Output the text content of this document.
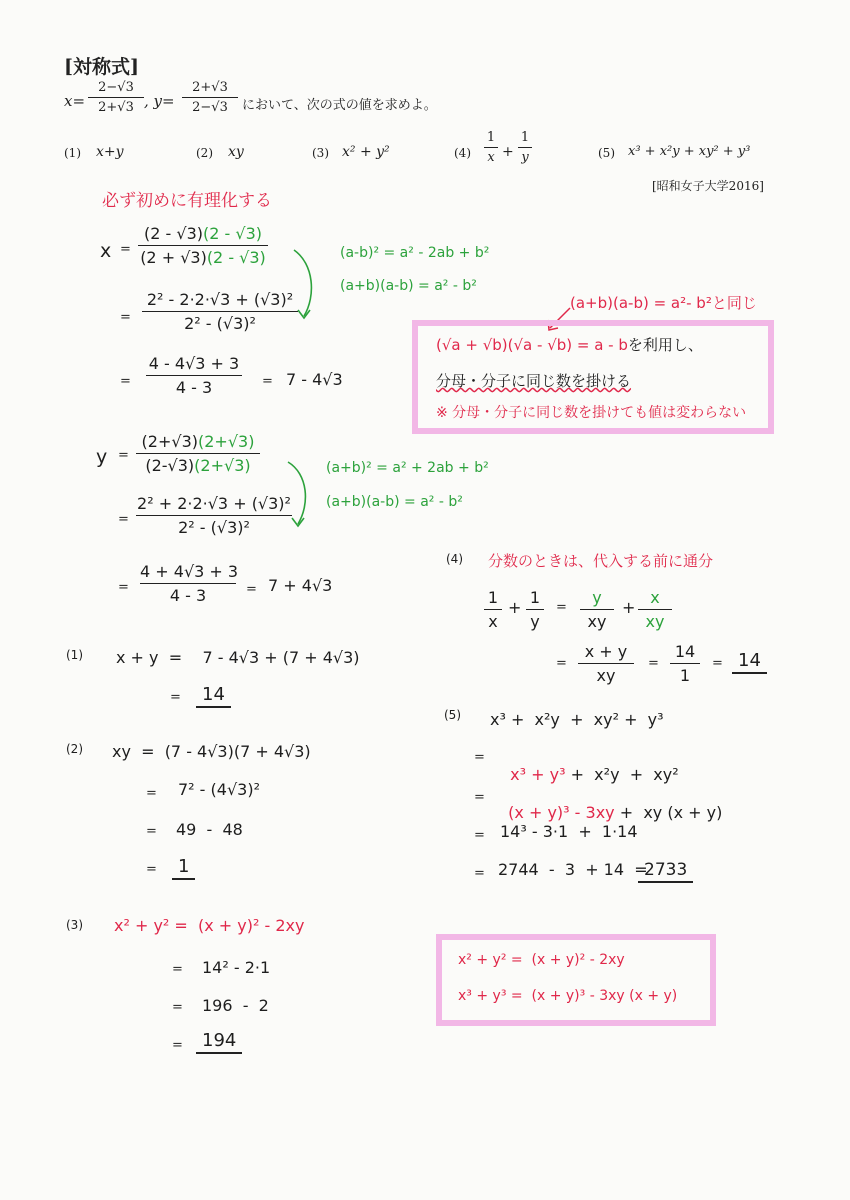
[対称式]
x=
2−√3
2+√3 , y=
2+√3
2−√3	において、次の式の値を求めよ。
(1) x+y	(2) xy	(3) x² + y²	(4)
1
x +
1
y	(5) x³ + x²y + xy² + y³
[昭和女子大学2016]
必ず初めに有理化する
x =
(2 - √3)(2 - √3)
(2 + √3)(2 - √3)
=
2² - 2·2·√3 + (√3)²
2² - (√3)²
=
4 - 4√3 + 3
4 - 3	= 7 - 4√3
(a-b)² = a² - 2ab + b²
(a+b)(a-b) = a² - b²
(a+b)(a-b) = a²- b²と同じ
(√a + √b)(√a - √b) = a - bを利用し、
分母・分子に同じ数を掛ける
※ 分母・分子に同じ数を掛けても値は変わらない
y =
(2+√3)(2+√3)
(2-√3)(2+√3)
=
2² + 2·2·√3 + (√3)²
2² - (√3)²
=
4 + 4√3 + 3
4 - 3	= 7 + 4√3
(a+b)² = a² + 2ab + b²
(a+b)(a-b) = a² - b²
(1) x + y  =    7 - 4√3 + (7 + 4√3)
=	14
(2) xy  =  (7 - 4√3)(7 + 4√3)
= 7² - (4√3)²
= 49  -  48
=	1
(3) x² + y² =  (x + y)² - 2xy
= 14² - 2·1
= 196  -  2
=	194
(4) 分数のときは、代入する前に通分
1
x
+
1
y
=
y
xy
+
x
xy
=
x + y
xy
=
14
1
= 14
(5) x³ +  x²y  +  xy² +  y³
=

x³ + y³ +  x²y  +  xy²

=

(x + y)³ - 3xy +  xy (x + y)

= 14³ - 3·1  +  1·14
= 2744  -  3  + 14  =
2733
x² + y² =  (x + y)² - 2xy
x³ + y³ =  (x + y)³ - 3xy (x + y)
